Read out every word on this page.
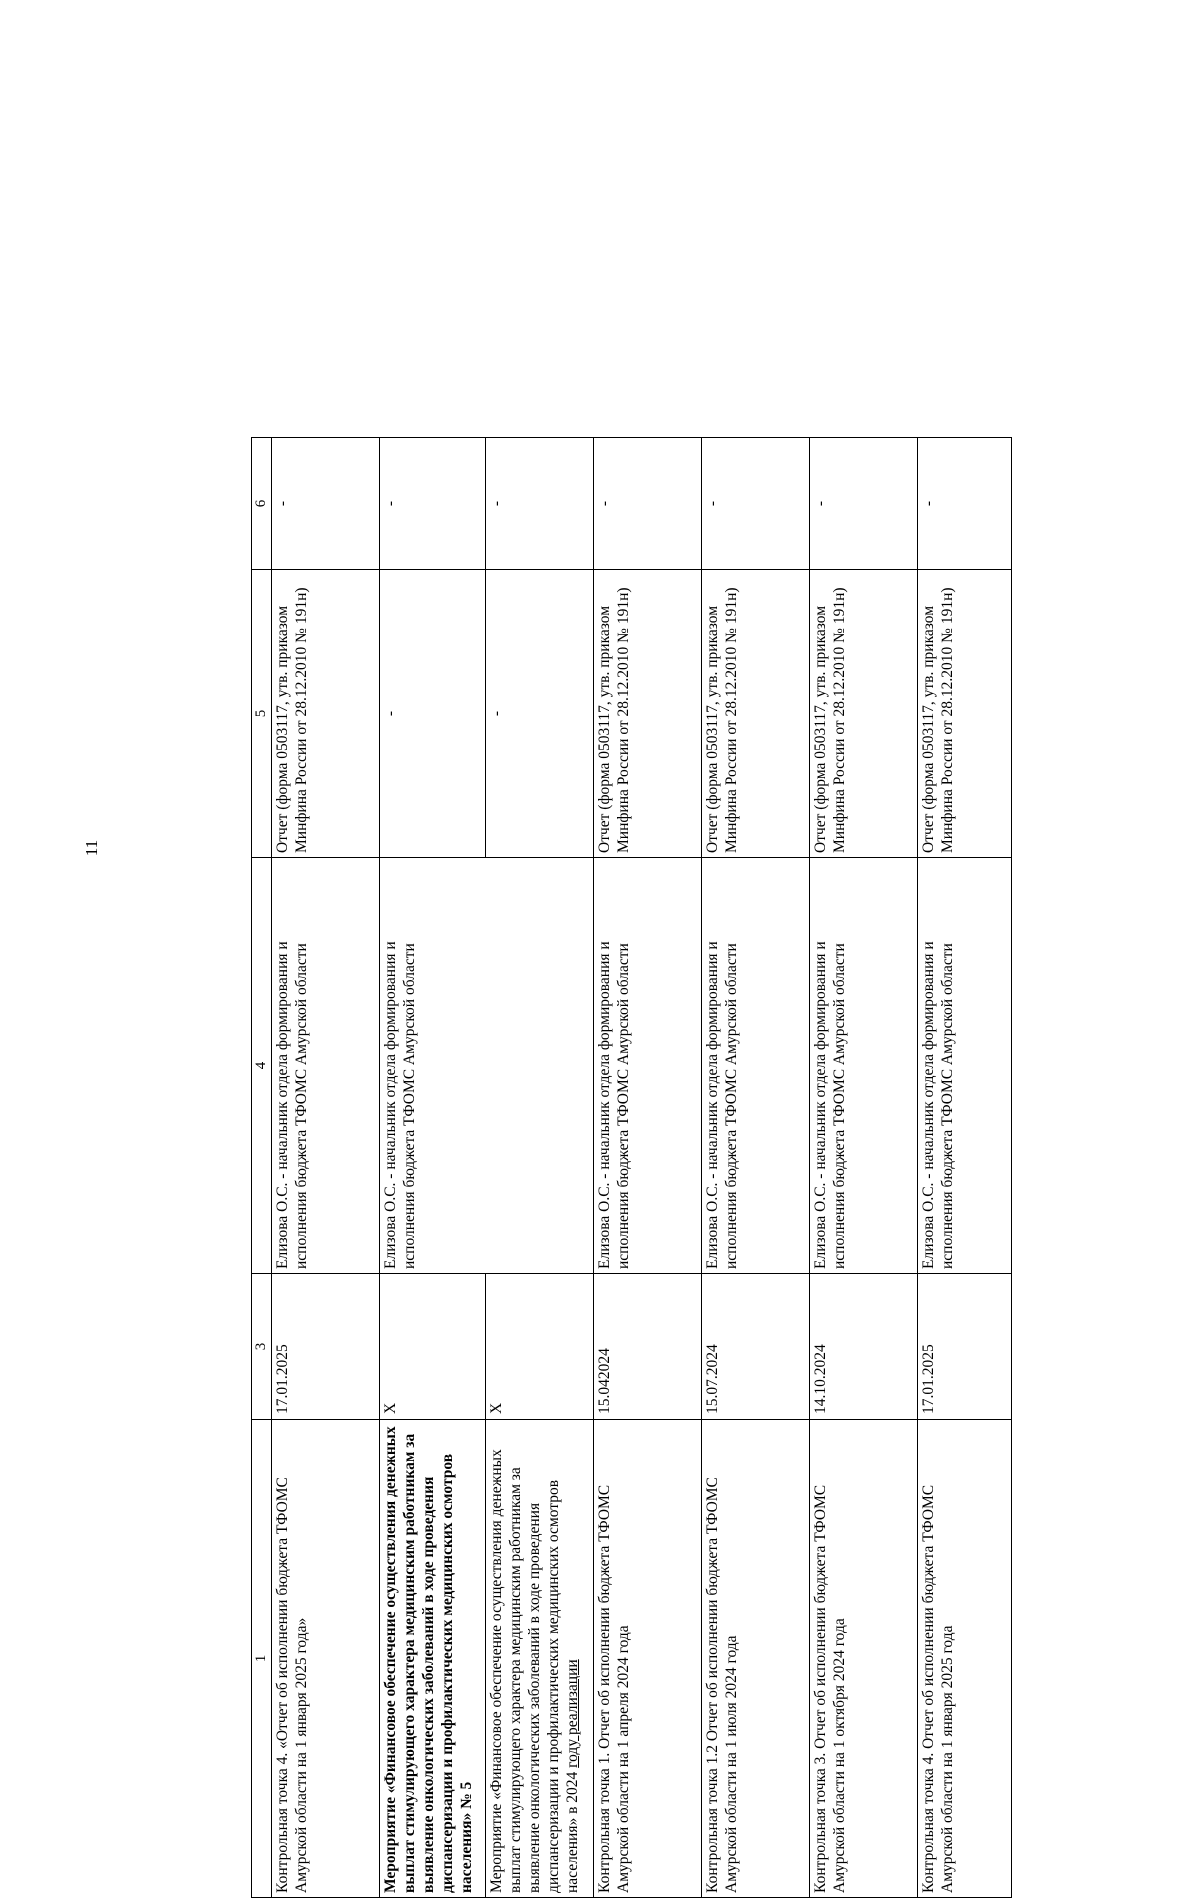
11
1	3	4	5	6
Контрольная точка 4. «Отчет об исполнении бюджета ТФОМС Амурской области на 1 января 2025 года»	17.01.2025	Елизова О.С. - начальник отдела формирования и исполнения бюджета ТФОМС Амурской области	Отчет (форма 0503117, утв. приказом Минфина России от 28.12.2010 № 191н)	-
Мероприятие «Финансовое обеспечение осуществления денежных выплат стимулирующего характера медицинским работникам за выявление онкологических заболеваний в ходе проведения диспансеризации и профилактических медицинских осмотров населения» № 5	Х	Елизова О.С. - начальник отдела формирования и исполнения бюджета ТФОМС Амурской области	-	-
Мероприятие «Финансовое обеспечение осуществления денежных выплат стимулирующего характера медицинским работникам за выявление онкологических заболеваний в ходе проведения диспансеризации и профилактических медицинских осмотров населения» в 2024 году реализации	Х		-	-
Контрольная точка 1. Отчет об исполнении бюджета ТФОМС Амурской области на 1 апреля 2024 года	15.042024	Елизова О.С. - начальник отдела формирования и исполнения бюджета ТФОМС Амурской области	Отчет (форма 0503117, утв. приказом Минфина России от 28.12.2010 № 191н)	-
Контрольная точка 1.2 Отчет об исполнении бюджета ТФОМС Амурской области на 1 июля 2024 года	15.07.2024	Елизова О.С. - начальник отдела формирования и исполнения бюджета ТФОМС Амурской области	Отчет (форма 0503117, утв. приказом Минфина России от 28.12.2010 № 191н)	-
Контрольная точка 3. Отчет об исполнении бюджета ТФОМС Амурской области на 1 октября 2024 года	14.10.2024	Елизова О.С. - начальник отдела формирования и исполнения бюджета ТФОМС Амурской области	Отчет (форма 0503117, утв. приказом Минфина России от 28.12.2010 № 191н)	-
Контрольная точка 4. Отчет об исполнении бюджета ТФОМС Амурской области на 1 января 2025 года	17.01.2025	Елизова О.С. - начальник отдела формирования и исполнения бюджета ТФОМС Амурской области	Отчет (форма 0503117, утв. приказом Минфина России от 28.12.2010 № 191н)	-
